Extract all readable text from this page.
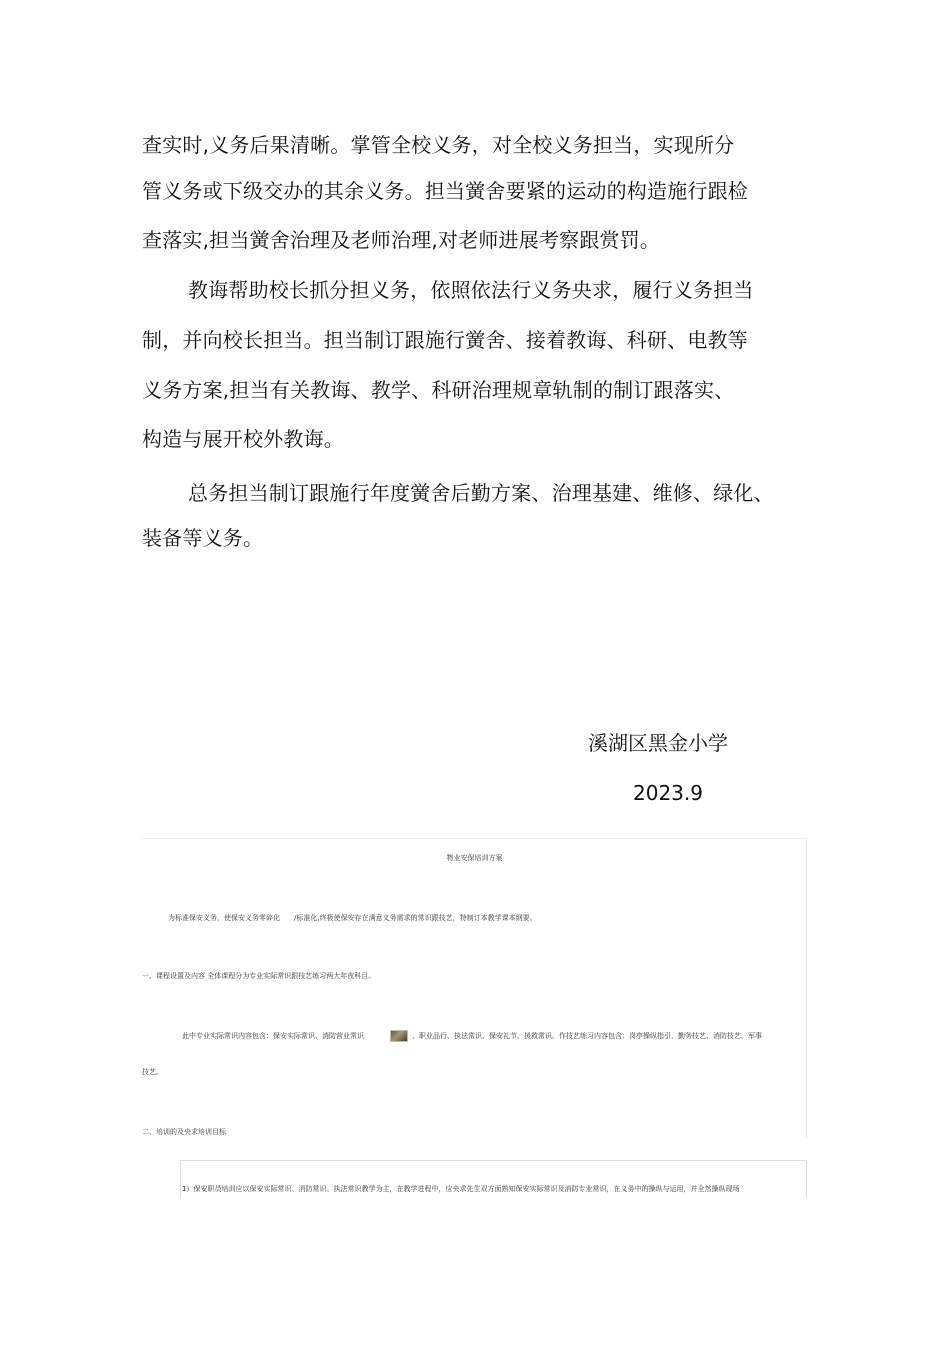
查实时,义务后果清晰。掌管全校义务，对全校义务担当，实现所分
管义务或下级交办的其余义务。担当黉舍要紧的运动的构造施行跟检
查落实,担当黉舍治理及老师治理,对老师进展考察跟赏罚。
教诲帮助校长抓分担义务，依照依法行义务央求，履行义务担当
制，并向校长担当。担当制订跟施行黉舍、接着教诲、科研、电教等
义务方案,担当有关教诲、教学、科研治理规章轨制的制订跟落实、
构造与展开校外教诲。
总务担当制订跟施行年度黉舍后勤方案、治理基建、维修、绿化、
装备等义务。
溪湖区黑金小学
2023.9
物业安保培训方案
为标准保安义务，使保安义务零碎化 /标准化,终极使保安存在满意义务需求的常识跟技艺，特制订本教学课本纲要。
一、课程设置及内容 全体课程分为专业实际常识跟技艺练习两大年夜科目。
此中专业实际常识内容包含：保安实际常识、消防营业常识	、职业品行、执法常识、保安礼节、援救常识。作技艺练习内容包含：岗亭操纵指引、勤务技艺、消防技艺、军事
技艺。
二、培训的及央求培训目标
1）保安职员培训应以保安实际常识、消防常识、执法常识教学为主，在教学进程中，应央求先生双方面熟知保安实际常识及消防专业常识，在义务中的操纵与运用，并全然操纵现场
